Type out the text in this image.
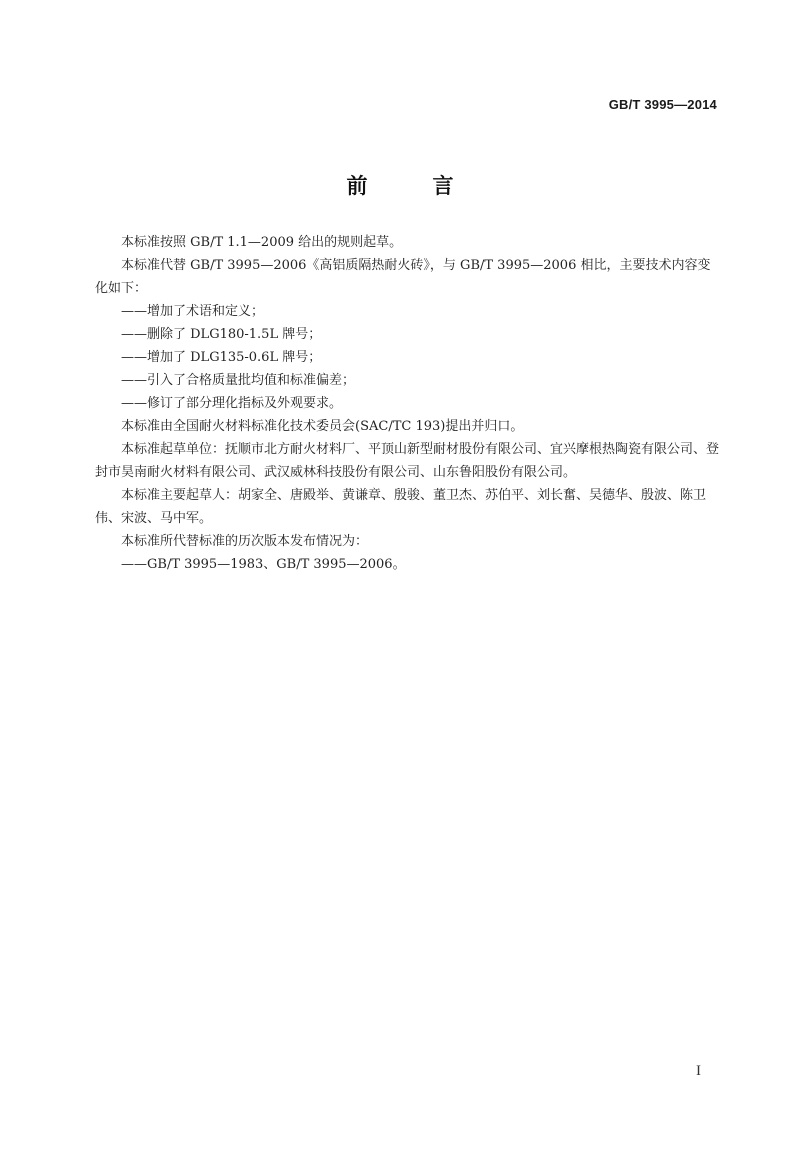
GB/T 3995—2014
前　言

本标准按照 GB/T 1.1—2009 给出的规则起草。

本标准代替 GB/T 3995—2006《高铝质隔热耐火砖》，与 GB/T 3995—2006 相比，主要技术内容变化如下：

——增加了术语和定义；

——删除了 DLG180-1.5L 牌号；

——增加了 DLG135-0.6L 牌号；

——引入了合格质量批均值和标准偏差；

——修订了部分理化指标及外观要求。

本标准由全国耐火材料标准化技术委员会(SAC/TC 193)提出并归口。

本标准起草单位：抚顺市北方耐火材料厂、平顶山新型耐材股份有限公司、宜兴摩根热陶瓷有限公司、登封市昊南耐火材料有限公司、武汉威林科技股份有限公司、山东鲁阳股份有限公司。

本标准主要起草人：胡家全、唐殿举、黄谦章、殷骏、董卫杰、苏伯平、刘长奮、吴德华、殷波、陈卫伟、宋波、马中军。

本标准所代替标准的历次版本发布情况为：

——GB/T 3995—1983、GB/T 3995—2006。

I
